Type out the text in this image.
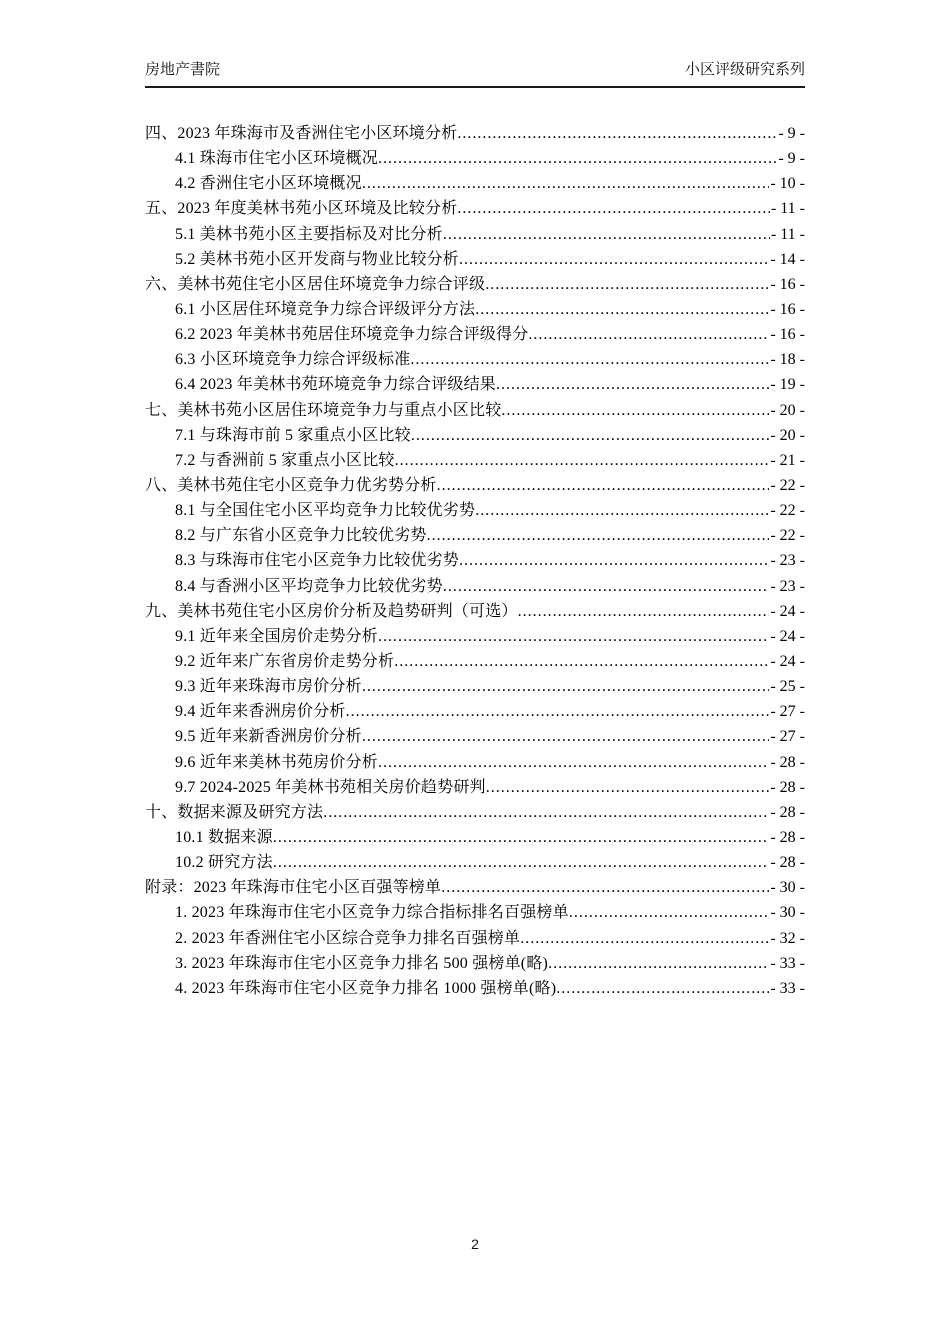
房地产書院	小区评级研究系列
四、2023 年珠海市及香洲住宅小区环境分析 .....	- 9 -
4.1 珠海市住宅小区环境概况 .....	- 9 -
4.2 香洲住宅小区环境概况 .....	- 10 -
五、2023 年度美林书苑小区环境及比较分析 .....	- 11 -
5.1 美林书苑小区主要指标及对比分析 .....	- 11 -
5.2 美林书苑小区开发商与物业比较分析 .....	- 14 -
六、美林书苑住宅小区居住环境竞争力综合评级 .....	- 16 -
6.1 小区居住环境竞争力综合评级评分方法 .....	- 16 -
6.2 2023 年美林书苑居住环境竞争力综合评级得分 .....	- 16 -
6.3 小区环境竞争力综合评级标准 .....	- 18 -
6.4 2023 年美林书苑环境竞争力综合评级结果 .....	- 19 -
七、美林书苑小区居住环境竞争力与重点小区比较 .....	- 20 -
7.1 与珠海市前 5 家重点小区比较 .....	- 20 -
7.2 与香洲前 5 家重点小区比较 .....	- 21 -
八、美林书苑住宅小区竞争力优劣势分析 .....	- 22 -
8.1 与全国住宅小区平均竞争力比较优劣势 .....	- 22 -
8.2 与广东省小区竞争力比较优劣势 .....	- 22 -
8.3 与珠海市住宅小区竞争力比较优劣势 .....	- 23 -
8.4 与香洲小区平均竞争力比较优劣势 .....	- 23 -
九、美林书苑住宅小区房价分析及趋势研判（可选） .....	- 24 -
9.1 近年来全国房价走势分析 .....	- 24 -
9.2 近年来广东省房价走势分析 .....	- 24 -
9.3 近年来珠海市房价分析 .....	- 25 -
9.4 近年来香洲房价分析 .....	- 27 -
9.5 近年来新香洲房价分析 .....	- 27 -
9.6 近年来美林书苑房价分析 .....	- 28 -
9.7 2024-2025 年美林书苑相关房价趋势研判 .....	- 28 -
十、数据来源及研究方法 .....	- 28 -
10.1 数据来源 .....	- 28 -
10.2 研究方法 .....	- 28 -
附录：2023 年珠海市住宅小区百强等榜单 .....	- 30 -
1. 2023 年珠海市住宅小区竞争力综合指标排名百强榜单 .....	- 30 -
2. 2023 年香洲住宅小区综合竞争力排名百强榜单 .....	- 32 -
3. 2023 年珠海市住宅小区竞争力排名 500 强榜单(略) .....	- 33 -
4. 2023 年珠海市住宅小区竞争力排名 1000 强榜单(略) .....	- 33 -
2
